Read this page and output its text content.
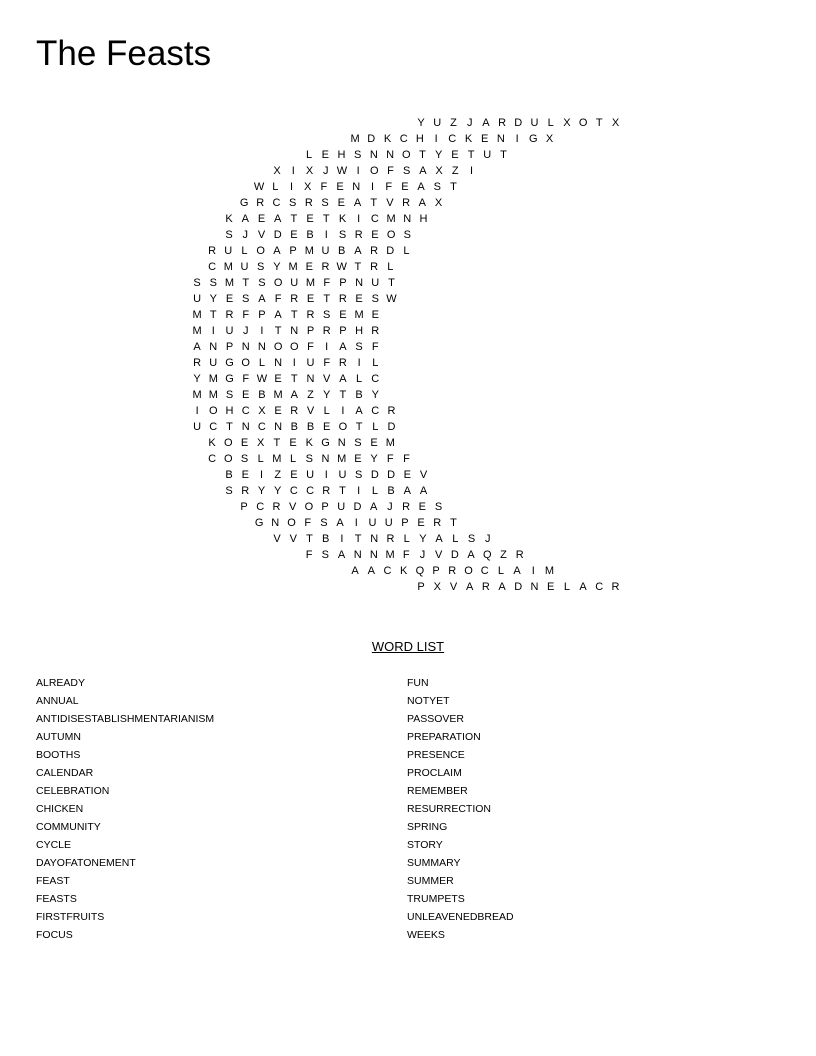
The Feasts
Y U Z J A R D U L X O T X
M D K C H I C K E N I G X
L E H S N N O T Y E T U T
X I	X J W I O F S A X Z	I
W L	I	X F E N I	F E A S T
G R C S R S E A T V R A X
K A E A T E T K	I C M N H
S J V D E B I	S R E O S
R U L O A P M U B A R D L
C M U S Y M E R W T R L
S S M T S O U M F P N U T
U Y E S A F R E T R E S W
M T R F P A T R S E M E
M I U J	I	T N P R P H R
A N P N N O O F	I	A S F
R U G O L N I U F R I	L
Y M G F W E T N V A L C
M M S E B M A Z Y T B Y
I O H C X E R V L	I	A C R
U C T N C N B B E O T L D
K O E X T E K G N S E M
C O S L M L S N M E Y F F
B E	I	Z E U I U S D D E V
S R Y Y C C R T	I	L B A A
P C R V O P U D A J R E S
G N O F S A I U U P E R T
V V T B	I	T N R L Y A L S J
F S A N N M F J V D A Q Z R
A A C K Q P R O C L A I M
P X V A R A D N E L A C R
WORD LIST
ALREADY
ANNUAL
ANTIDISESTABLISHMENTARIANISM
AUTUMN
BOOTHS
CALENDAR
CELEBRATION
CHICKEN
COMMUNITY
CYCLE
DAYOFATONEMENT
FEAST
FEASTS
FIRSTFRUITS
FOCUS
FUN
NOTYET
PASSOVER
PREPARATION
PRESENCE
PROCLAIM
REMEMBER
RESURRECTION
SPRING
STORY
SUMMARY
SUMMER
TRUMPETS
UNLEAVENEDBREAD
WEEKS
